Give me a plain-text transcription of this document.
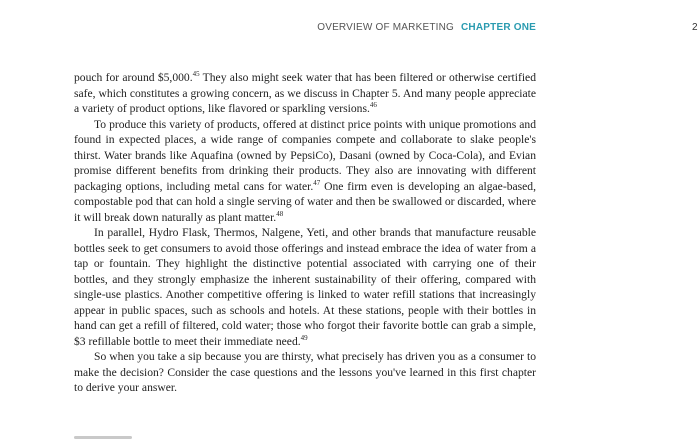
OVERVIEW OF MARKETING CHAPTER ONE	2

pouch for around $5,000.45 They also might seek water that has been filtered or otherwise certified safe, which constitutes a growing concern, as we discuss in Chapter 5. And many people appreciate a variety of product options, like flavored or sparkling versions.$^{46}$

To produce this variety of products, offered at distinct price points with unique promotions and found in expected places, a wide range of companies compete and collaborate to slake people's thirst. Water brands like Aquafina (owned by PepsiCo), Dasani (owned by Coca-Cola), and Evian promise different benefits from drinking their products. They also are innovating with different packaging options, including metal cans for water.$^{47}$ One firm even is developing an algae-based, compostable pod that can hold a single serving of water and then be swallowed or discarded, where it will break down naturally as plant matter.$^{48}$

In parallel, Hydro Flask, Thermos, Nalgene, Yeti, and other brands that manufacture reusable bottles seek to get consumers to avoid those offerings and instead embrace the idea of water from a tap or fountain. They highlight the distinctive potential associated with carrying one of their bottles, and they strongly emphasize the inherent sustainability of their offering, compared with single-use plastics. Another competitive offering is linked to water refill stations that increasingly appear in public spaces, such as schools and hotels. At these stations, people with their bottles in hand can get a refill of filtered, cold water; those who forgot their favorite bottle can grab a simple, $3 refillable bottle to meet their immediate need.$^{49}$

So when you take a sip because you are thirsty, what precisely has driven you as a consumer to make the decision? Consider the case questions and the lessons you've learned in this first chapter to derive your answer.
